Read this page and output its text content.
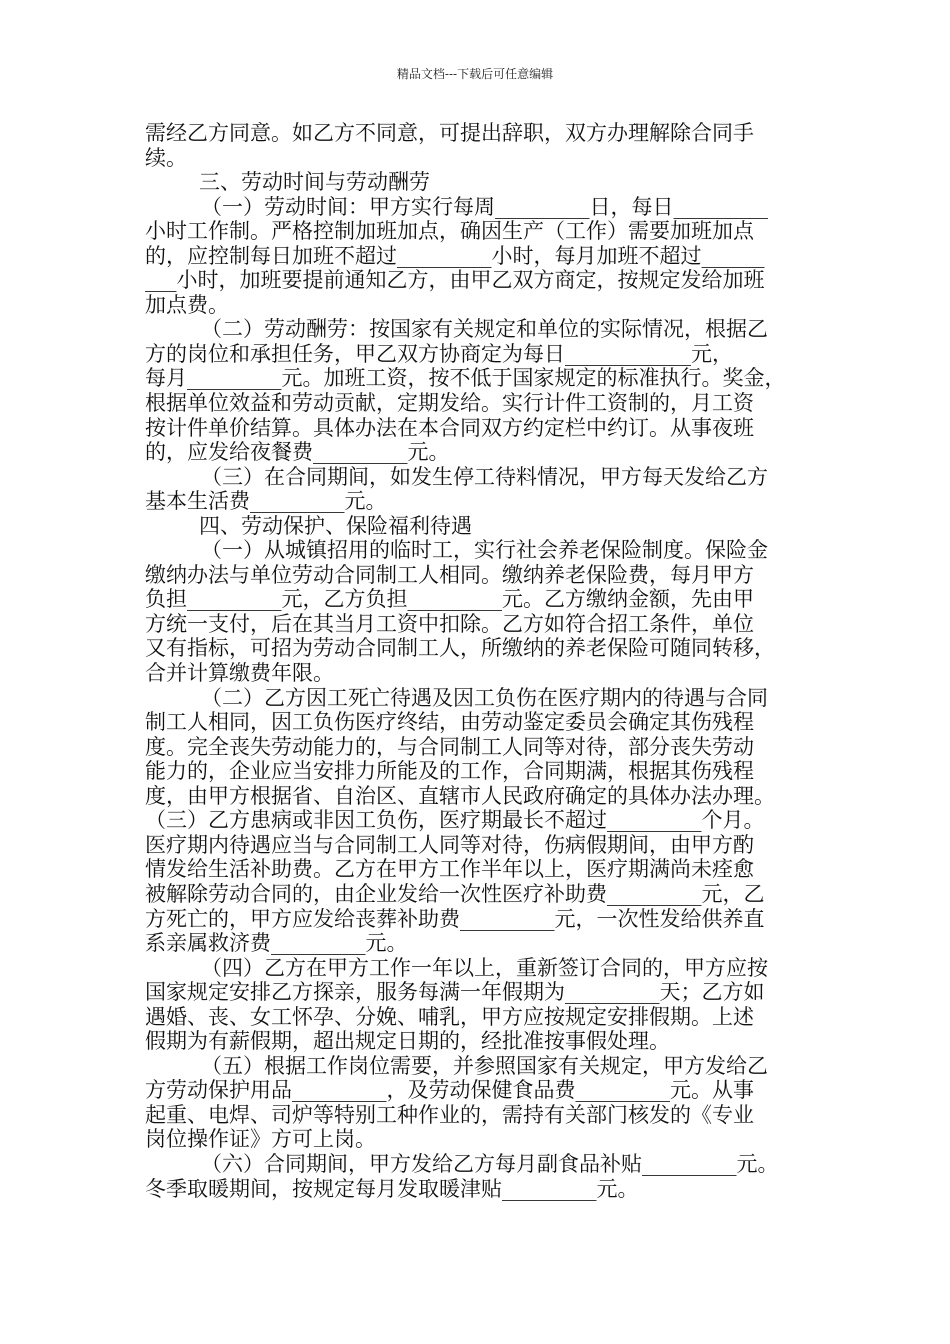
精品文档---下载后可任意编辑
需经乙方同意。如乙方不同意，可提出辞职，双方办理解除合同手
续。
三、劳动时间与劳动酬劳
（一）劳动时间：甲方实行每周_________日，每日_________
小时工作制。严格控制加班加点，确因生产（工作）需要加班加点
的，应控制每日加班不超过_________小时，每月加班不超过______
___小时，加班要提前通知乙方，由甲乙双方商定，按规定发给加班
加点费。
（二）劳动酬劳：按国家有关规定和单位的实际情况，根据乙
方的岗位和承担任务，甲乙双方协商定为每日____________元，
每月_________元。加班工资，按不低于国家规定的标准执行。奖金，
根据单位效益和劳动贡献，定期发给。实行计件工资制的，月工资
按计件单价结算。具体办法在本合同双方约定栏中约订。从事夜班
的，应发给夜餐费_________元。
（三）在合同期间，如发生停工待料情况，甲方每天发给乙方
基本生活费_________元。
四、劳动保护、保险福利待遇
（一）从城镇招用的临时工，实行社会养老保险制度。保险金
缴纳办法与单位劳动合同制工人相同。缴纳养老保险费，每月甲方
负担_________元，乙方负担_________元。乙方缴纳金额，先由甲
方统一支付，后在其当月工资中扣除。乙方如符合招工条件，单位
又有指标，可招为劳动合同制工人，所缴纳的养老保险可随同转移，
合并计算缴费年限。
（二）乙方因工死亡待遇及因工负伤在医疗期内的待遇与合同
制工人相同，因工负伤医疗终结，由劳动鉴定委员会确定其伤残程
度。完全丧失劳动能力的，与合同制工人同等对待，部分丧失劳动
能力的，企业应当安排力所能及的工作，合同期满，根据其伤残程
度，由甲方根据省、自治区、直辖市人民政府确定的具体办法办理。
（三）乙方患病或非因工负伤，医疗期最长不超过_________个月。
医疗期内待遇应当与合同制工人同等对待，伤病假期间，由甲方酌
情发给生活补助费。乙方在甲方工作半年以上，医疗期满尚未痊愈
被解除劳动合同的，由企业发给一次性医疗补助费_________元，乙
方死亡的，甲方应发给丧葬补助费_________元，一次性发给供养直
系亲属救济费_________元。
（四）乙方在甲方工作一年以上，重新签订合同的，甲方应按
国家规定安排乙方探亲，服务每满一年假期为_________天；乙方如
遇婚、丧、女工怀孕、分娩、哺乳，甲方应按规定安排假期。上述
假期为有薪假期，超出规定日期的，经批准按事假处理。
（五）根据工作岗位需要，并参照国家有关规定，甲方发给乙
方劳动保护用品_________，及劳动保健食品费_________元。从事
起重、电焊、司炉等特别工种作业的，需持有关部门核发的《专业
岗位操作证》方可上岗。
（六）合同期间，甲方发给乙方每月副食品补贴_________元。
冬季取暖期间，按规定每月发取暖津贴_________元。
